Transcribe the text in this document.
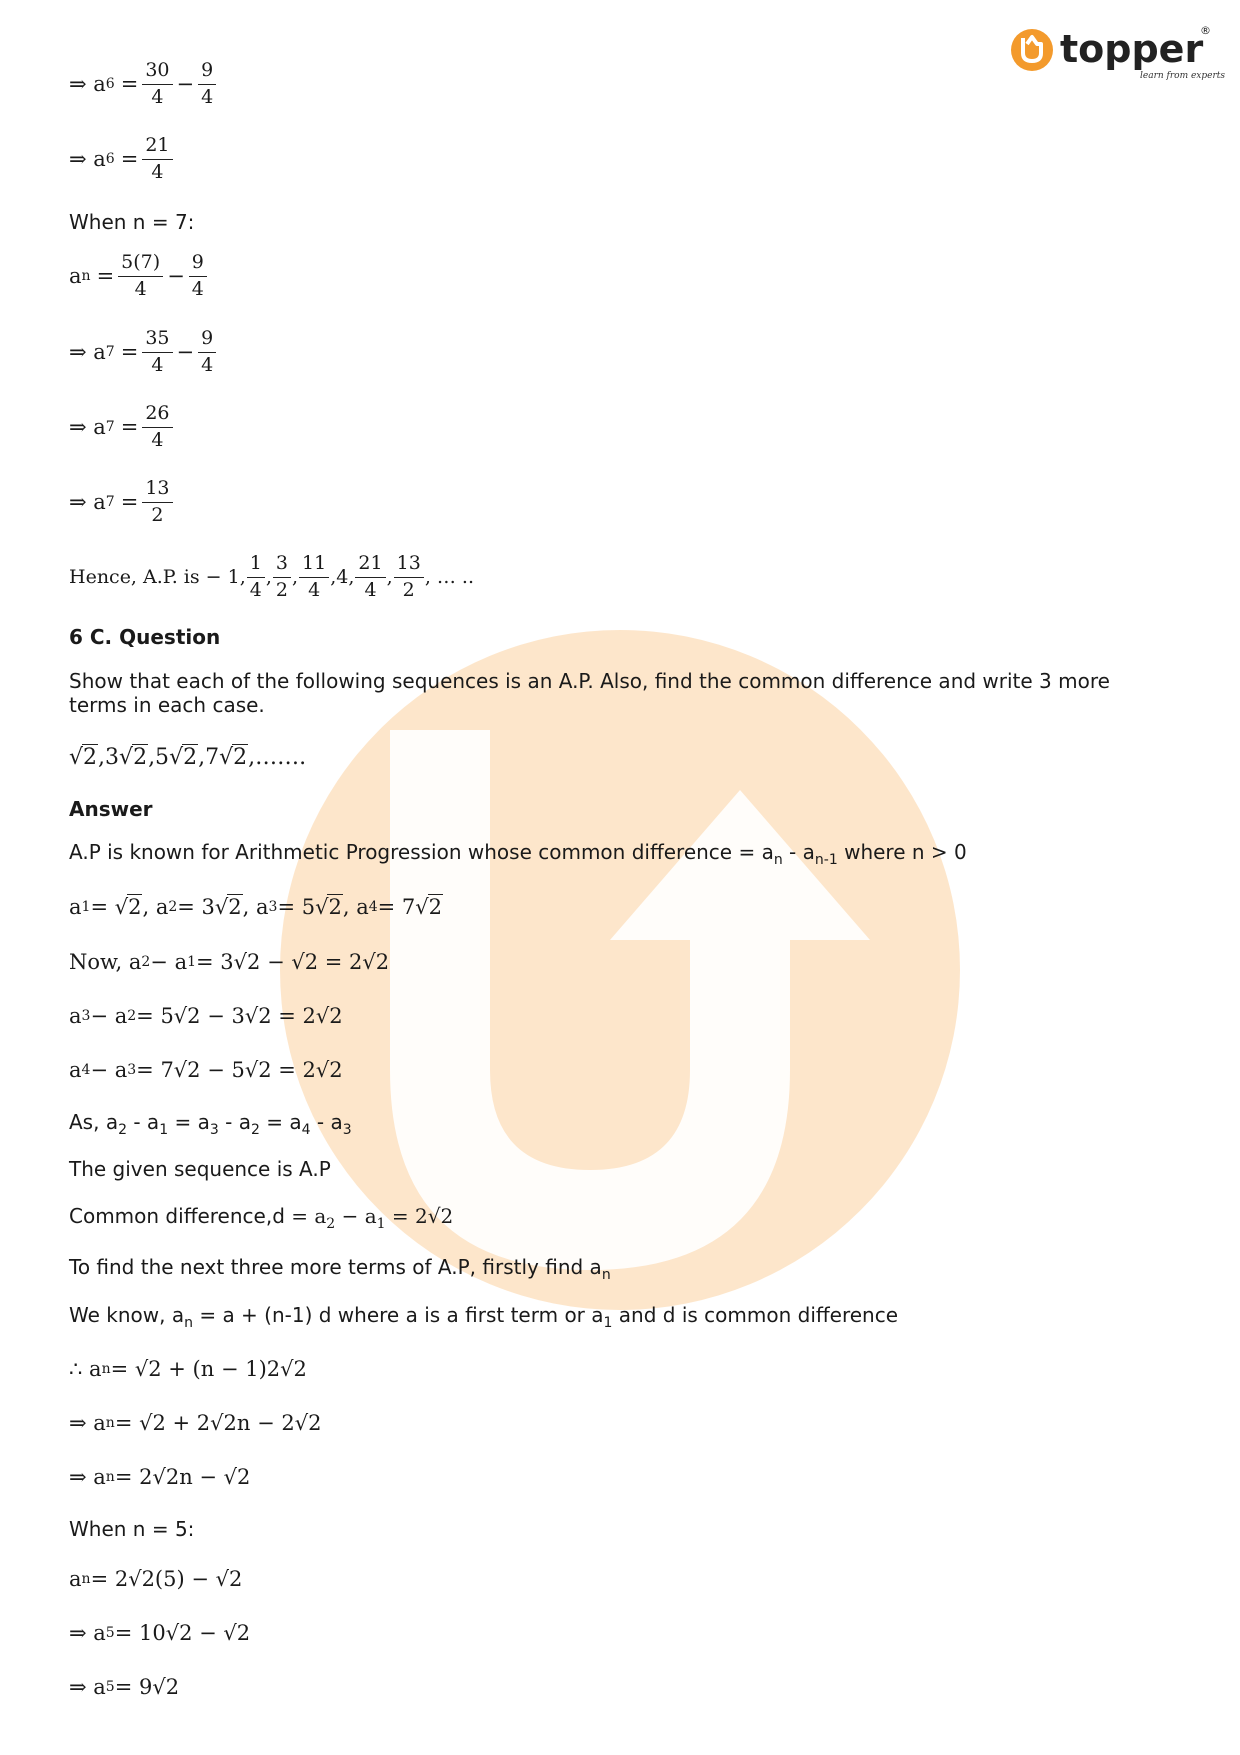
topper
®
learn from experts
⇒ a $6 = \frac{30}{4} - \frac{9}{4}$
⇒ a $6 = \frac{21}{4}$
When n = 7:
a $n = \frac{5(7)}{4} - \frac{9}{4}$
⇒ a $7 = \frac{35}{4} - \frac{9}{4}$
⇒ a $7 = \frac{26}{4}$
⇒ a $7 = \frac{13}{2}$
Hence, A.P. is − 1, $\frac{1}{4}$ , $\frac{3}{2}$ , $\frac{11}{4} ,4$, $\frac{21}{4}$ , $\frac{13}{2}$ , … ..
6 C. Question
Show that each of the following sequences is an A.P. Also, find the common difference and write 3 more terms in each case.
√ 2 ,3 √ 2 ,5 √ 2 ,7 √ 2 ,…….
Answer
A.P is known for Arithmetic Progression whose common difference = $a_n - a_{n-1}$ where n > 0
a 1 = √ 2 , a 2 = 3√ 2 , a 3 = 5√ 2 , a 4 = 7√ 2
Now, a 2 − a 1 = 3√2 − √2 = 2√2
a 3 − a 2 = 5√2 − 3√2 = 2√2
a 4 − a 3 = 7√2 − 5√2 = 2√2
As, $a_2 - a_1 = a_3 - a_2 = a_4 - a_3$
The given sequence is A.P
Common difference,d = $a_2 - a_1 = 2√2$
To find the next three more terms of A.P, firstly find $a_n$
We know, $a_n = a + (n-1)$ d where a is a first term or $a_1$ and d is common difference
∴ a n = √2 + (n − 1)2√2
⇒ a n = √2 + 2√2n − 2√2
⇒ a n = 2√2n − √2
When n = 5:
a n = 2√2(5) − √2
⇒ a 5 = 10√2 − √2
⇒ a 5 = 9√2
